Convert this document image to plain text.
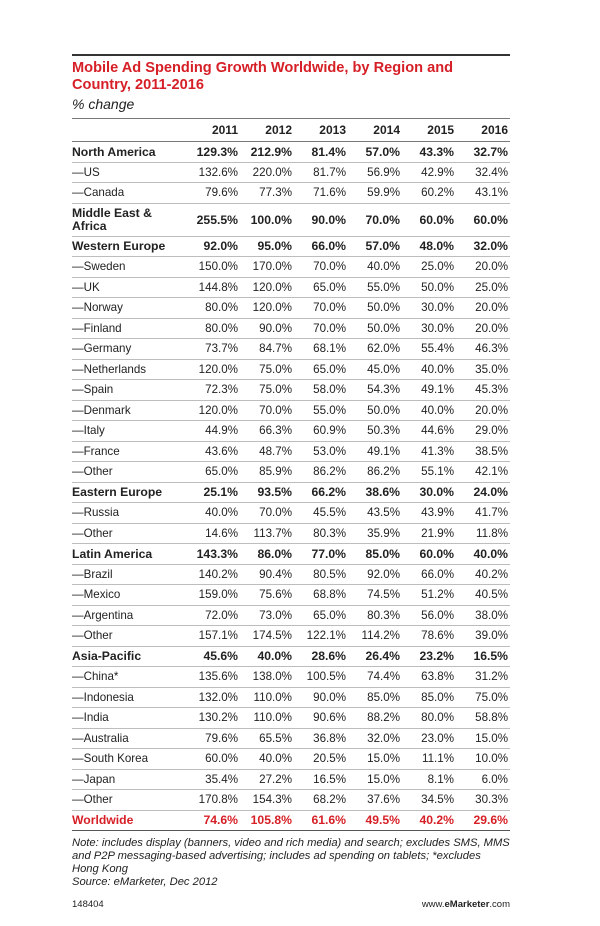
Mobile Ad Spending Growth Worldwide, by Region and Country, 2011-2016
% change
	2011	2012	2013	2014	2015	2016
North America	129.3%	212.9%	81.4%	57.0%	43.3%	32.7%
—US	132.6%	220.0%	81.7%	56.9%	42.9%	32.4%
—Canada	79.6%	77.3%	71.6%	59.9%	60.2%	43.1%
Middle East & Africa	255.5%	100.0%	90.0%	70.0%	60.0%	60.0%
Western Europe	92.0%	95.0%	66.0%	57.0%	48.0%	32.0%
—Sweden	150.0%	170.0%	70.0%	40.0%	25.0%	20.0%
—UK	144.8%	120.0%	65.0%	55.0%	50.0%	25.0%
—Norway	80.0%	120.0%	70.0%	50.0%	30.0%	20.0%
—Finland	80.0%	90.0%	70.0%	50.0%	30.0%	20.0%
—Germany	73.7%	84.7%	68.1%	62.0%	55.4%	46.3%
—Netherlands	120.0%	75.0%	65.0%	45.0%	40.0%	35.0%
—Spain	72.3%	75.0%	58.0%	54.3%	49.1%	45.3%
—Denmark	120.0%	70.0%	55.0%	50.0%	40.0%	20.0%
—Italy	44.9%	66.3%	60.9%	50.3%	44.6%	29.0%
—France	43.6%	48.7%	53.0%	49.1%	41.3%	38.5%
—Other	65.0%	85.9%	86.2%	86.2%	55.1%	42.1%
Eastern Europe	25.1%	93.5%	66.2%	38.6%	30.0%	24.0%
—Russia	40.0%	70.0%	45.5%	43.5%	43.9%	41.7%
—Other	14.6%	113.7%	80.3%	35.9%	21.9%	11.8%
Latin America	143.3%	86.0%	77.0%	85.0%	60.0%	40.0%
—Brazil	140.2%	90.4%	80.5%	92.0%	66.0%	40.2%
—Mexico	159.0%	75.6%	68.8%	74.5%	51.2%	40.5%
—Argentina	72.0%	73.0%	65.0%	80.3%	56.0%	38.0%
—Other	157.1%	174.5%	122.1%	114.2%	78.6%	39.0%
Asia-Pacific	45.6%	40.0%	28.6%	26.4%	23.2%	16.5%
—China*	135.6%	138.0%	100.5%	74.4%	63.8%	31.2%
—Indonesia	132.0%	110.0%	90.0%	85.0%	85.0%	75.0%
—India	130.2%	110.0%	90.6%	88.2%	80.0%	58.8%
—Australia	79.6%	65.5%	36.8%	32.0%	23.0%	15.0%
—South Korea	60.0%	40.0%	20.5%	15.0%	11.1%	10.0%
—Japan	35.4%	27.2%	16.5%	15.0%	8.1%	6.0%
—Other	170.8%	154.3%	68.2%	37.6%	34.5%	30.3%
Worldwide	74.6%	105.8%	61.6%	49.5%	40.2%	29.6%
Note: includes display (banners, video and rich media) and search; excludes SMS, MMS and P2P messaging-based advertising; includes ad spending on tablets; *excludes Hong Kong
Source: eMarketer, Dec 2012
148404	www.eMarketer.com
